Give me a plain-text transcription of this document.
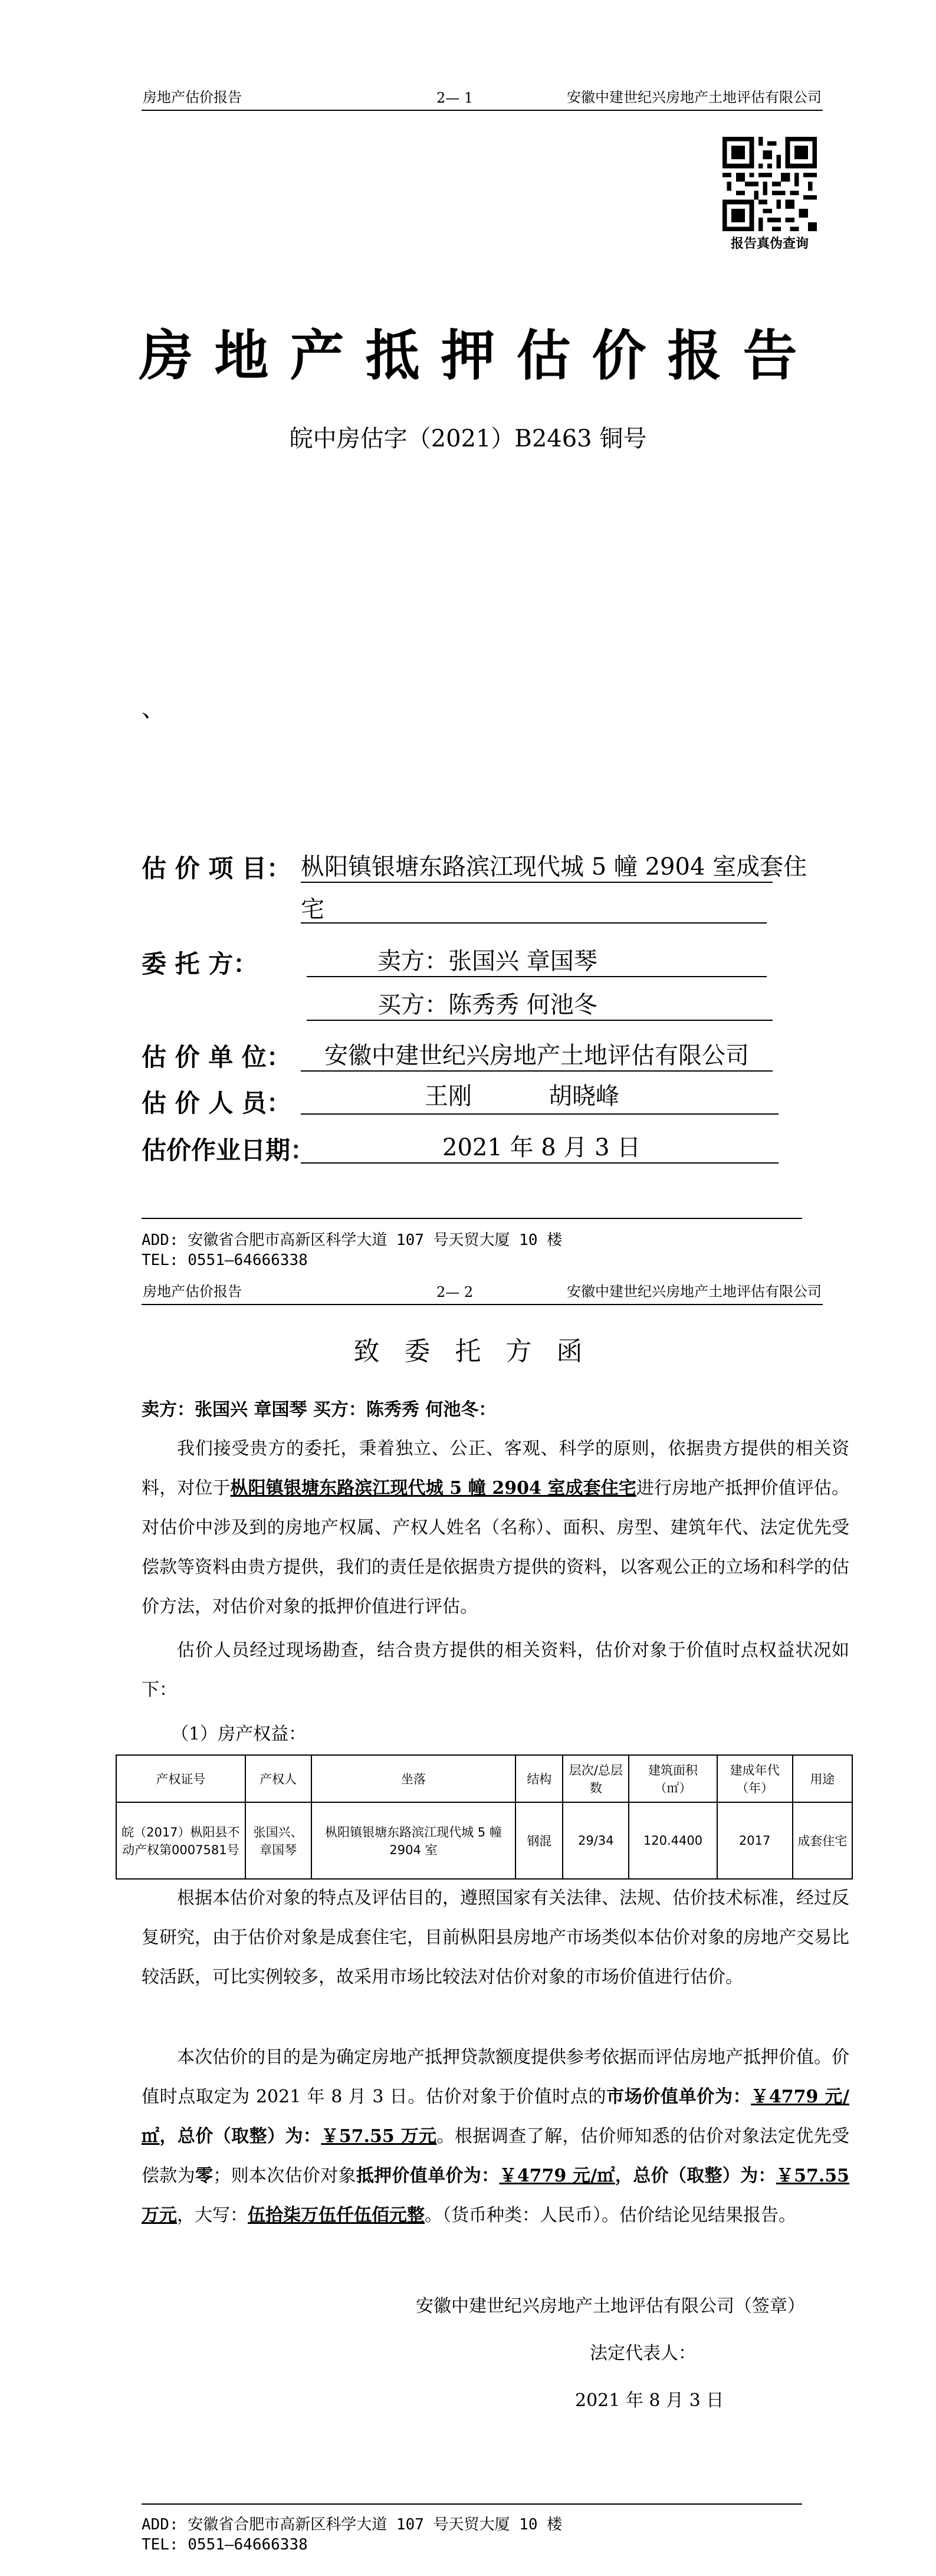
房地产估价报告	2— 1	安徽中建世纪兴房地产土地评估有限公司
报告真伪查询
房地产抵押估价报告
皖中房估字（2021）B2463 铜号
、
估 价 项 目： 枞阳镇银塘东路滨江现代城 5 幢 2904 室成套住
宅
委 托 方：	卖方：张国兴 章国琴
买方：陈秀秀 何池冬
估 价 单 位：	安徽中建世纪兴房地产土地评估有限公司
估 价 人 员：	王刚	胡晓峰
估价作业日期：	2021 年 8 月 3 日
ADD: 安徽省合肥市高新区科学大道 107 号天贸大厦 10 楼
TEL: 0551—64666338
房地产估价报告	2— 2	安徽中建世纪兴房地产土地评估有限公司
致委托方函
卖方：张国兴 章国琴 买方：陈秀秀 何池冬：
我们接受贵方的委托，秉着独立、公正、客观、科学的原则，依据贵方提供的相关资料，对位于枞阳镇银塘东路滨江现代城 5 幢 2904 室成套住宅进行房地产抵押价值评估。对估价中涉及到的房地产权属、产权人姓名（名称）、面积、房型、建筑年代、法定优先受偿款等资料由贵方提供，我们的责任是依据贵方提供的资料，以客观公正的立场和科学的估价方法，对估价对象的抵押价值进行评估。
估价人员经过现场勘查，结合贵方提供的相关资料，估价对象于价值时点权益状况如下：
（1）房产权益：
产权证号	产权人	坐落	结构	层次/总层数	建筑面积（㎡）	建成年代（年）	用途
皖（2017）枞阳县不动产权第0007581号	张国兴、章国琴	枞阳镇银塘东路滨江现代城 5 幢 2904 室	钢混	29/34	120.4400	2017	成套住宅
根据本估价对象的特点及评估目的，遵照国家有关法律、法规、估价技术标准，经过反复研究，由于估价对象是成套住宅，目前枞阳县房地产市场类似本估价对象的房地产交易比较活跃，可比实例较多，故采用市场比较法对估价对象的市场价值进行估价。
本次估价的目的是为确定房地产抵押贷款额度提供参考依据而评估房地产抵押价值。价值时点取定为 2021 年 8 月 3 日。估价对象于价值时点的市场价值单价为：￥4779 元/㎡，总价（取整）为：￥57.55 万元。根据调查了解，估价师知悉的估价对象法定优先受偿款为零；则本次估价对象抵押价值单价为：￥4779 元/㎡，总价（取整）为：￥57.55 万元，大写：伍拾柒万伍仟伍佰元整。（货币种类：人民币）。估价结论见结果报告。
安徽中建世纪兴房地产土地评估有限公司（签章）
法定代表人：
2021 年 8 月 3 日
ADD: 安徽省合肥市高新区科学大道 107 号天贸大厦 10 楼
TEL: 0551—64666338
